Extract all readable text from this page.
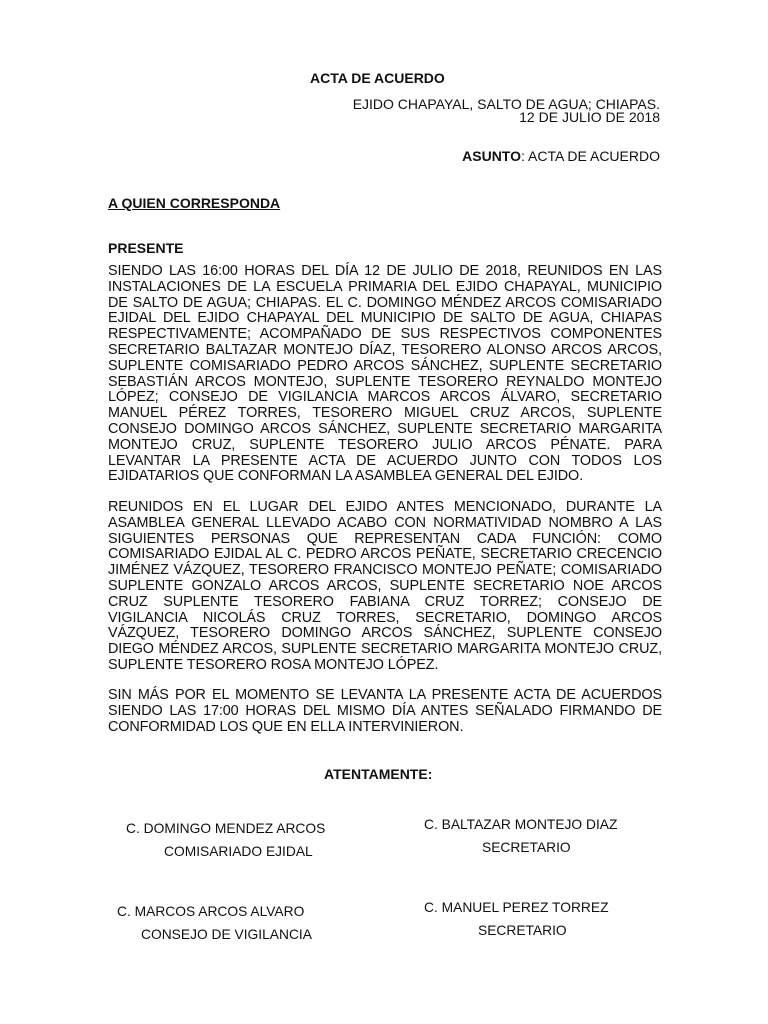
ACTA DE ACUERDO

EJIDO CHAPAYAL, SALTO DE AGUA; CHIAPAS.

12 DE JULIO DE 2018

ASUNTO: ACTA DE ACUERDO

A QUIEN CORRESPONDA

PRESENTE

SIENDO LAS 16:00 HORAS DEL DÍA 12 DE JULIO DE 2018, REUNIDOS EN LAS INSTALACIONES DE LA ESCUELA PRIMARIA DEL EJIDO CHAPAYAL, MUNICIPIO DE SALTO DE AGUA; CHIAPAS. EL C. DOMINGO MÉNDEZ ARCOS COMISARIADO EJIDAL DEL EJIDO CHAPAYAL DEL MUNICIPIO DE SALTO DE AGUA, CHIAPAS RESPECTIVAMENTE; ACOMPAÑADO DE SUS RESPECTIVOS COMPONENTES SECRETARIO BALTAZAR MONTEJO DÍAZ, TESORERO ALONSO ARCOS ARCOS, SUPLENTE COMISARIADO PEDRO ARCOS SÁNCHEZ, SUPLENTE SECRETARIO SEBASTIÁN ARCOS MONTEJO, SUPLENTE TESORERO REYNALDO MONTEJO LÓPEZ; CONSEJO DE VIGILANCIA MARCOS ARCOS ÁLVARO, SECRETARIO MANUEL PÉREZ TORRES, TESORERO MIGUEL CRUZ ARCOS, SUPLENTE CONSEJO DOMINGO ARCOS SÁNCHEZ, SUPLENTE SECRETARIO MARGARITA MONTEJO CRUZ, SUPLENTE TESORERO JULIO ARCOS PÉNATE. PARA LEVANTAR LA PRESENTE ACTA DE ACUERDO JUNTO CON TODOS LOS EJIDATARIOS QUE CONFORMAN LA ASAMBLEA GENERAL DEL EJIDO.

REUNIDOS EN EL LUGAR DEL EJIDO ANTES MENCIONADO, DURANTE LA ASAMBLEA GENERAL LLEVADO ACABO CON NORMATIVIDAD NOMBRO A LAS SIGUIENTES PERSONAS QUE REPRESENTAN CADA FUNCIÓN: COMO COMISARIADO EJIDAL AL C. PEDRO ARCOS PEÑATE, SECRETARIO CRECENCIO JIMÉNEZ VÁZQUEZ, TESORERO FRANCISCO MONTEJO PEÑATE; COMISARIADO SUPLENTE GONZALO ARCOS ARCOS, SUPLENTE SECRETARIO NOE ARCOS CRUZ SUPLENTE TESORERO FABIANA CRUZ TORREZ; CONSEJO DE VIGILANCIA NICOLÁS CRUZ TORRES, SECRETARIO, DOMINGO ARCOS VÁZQUEZ, TESORERO DOMINGO ARCOS SÁNCHEZ, SUPLENTE CONSEJO DIEGO MÉNDEZ ARCOS, SUPLENTE SECRETARIO MARGARITA MONTEJO CRUZ, SUPLENTE TESORERO ROSA MONTEJO LÓPEZ.

SIN MÁS POR EL MOMENTO SE LEVANTA LA PRESENTE ACTA DE ACUERDOS SIENDO LAS 17:00 HORAS DEL MISMO DÍA ANTES SEÑALADO FIRMANDO DE CONFORMIDAD LOS QUE EN ELLA INTERVINIERON.

ATENTAMENTE:

C. DOMINGO MENDEZ ARCOS

COMISARIADO EJIDAL

C. BALTAZAR MONTEJO DIAZ

SECRETARIO

C. MARCOS ARCOS ALVARO

CONSEJO DE VIGILANCIA

C. MANUEL PEREZ TORREZ

SECRETARIO
